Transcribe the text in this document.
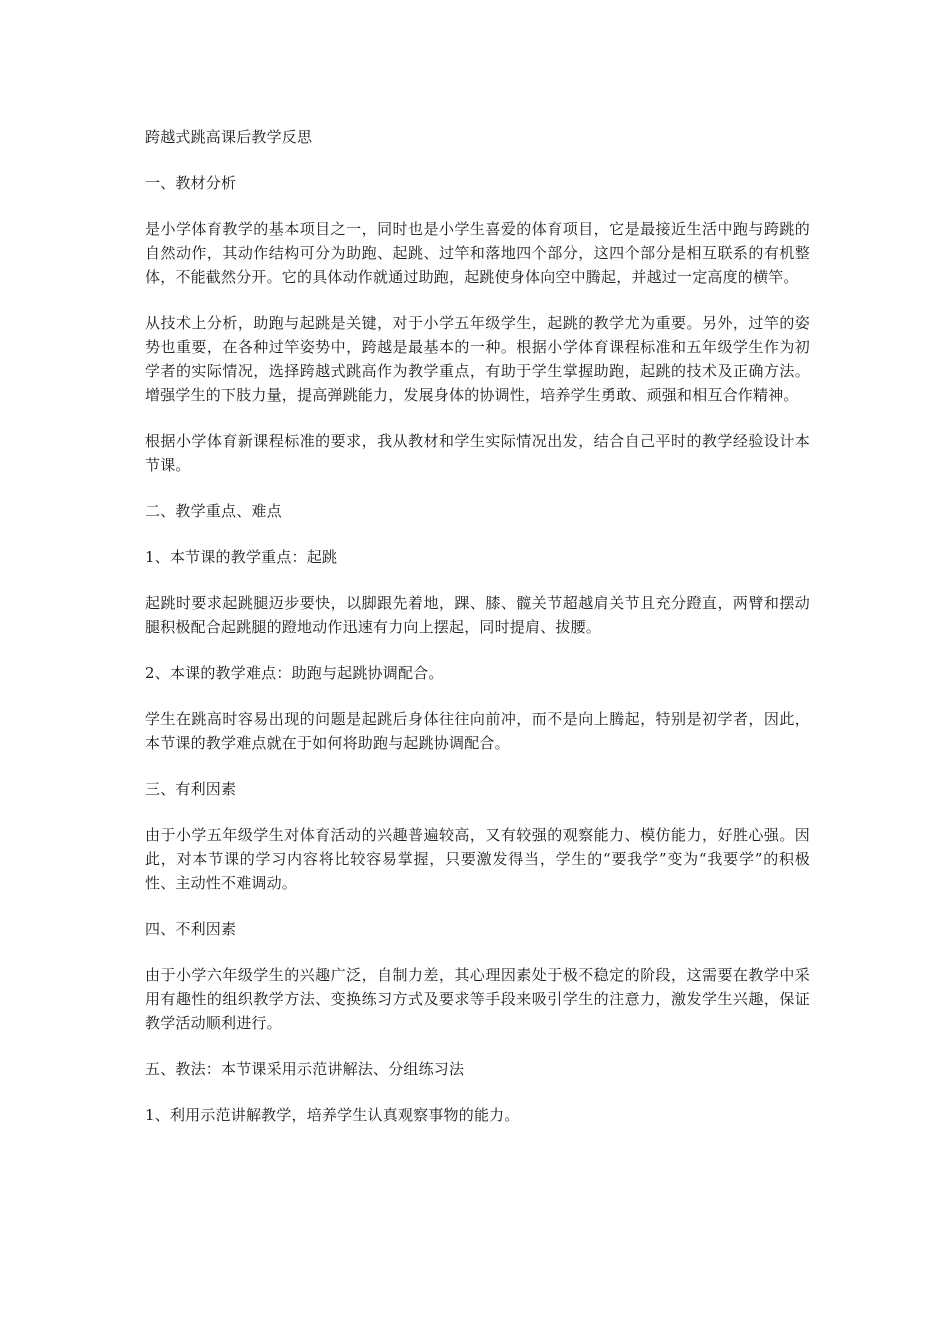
跨越式跳高课后教学反思

一、教材分析

是小学体育教学的基本项目之一，同时也是小学生喜爱的体育项目，它是最接近生活中跑与跨跳的自然动作，其动作结构可分为助跑、起跳、过竿和落地四个部分，这四个部分是相互联系的有机整体，不能截然分开。它的具体动作就通过助跑，起跳使身体向空中腾起，并越过一定高度的横竿。

从技术上分析，助跑与起跳是关键，对于小学五年级学生，起跳的教学尤为重要。另外，过竿的姿势也重要，在各种过竿姿势中，跨越是最基本的一种。根据小学体育课程标准和五年级学生作为初学者的实际情况，选择跨越式跳高作为教学重点，有助于学生掌握助跑，起跳的技术及正确方法。增强学生的下肢力量，提高弹跳能力，发展身体的协调性，培养学生勇敢、顽强和相互合作精神。

根据小学体育新课程标准的要求，我从教材和学生实际情况出发，结合自己平时的教学经验设计本节课。

二、教学重点、难点

1、本节课的教学重点：起跳

起跳时要求起跳腿迈步要快，以脚跟先着地，踝、膝、髋关节超越肩关节且充分蹬直，两臂和摆动腿积极配合起跳腿的蹬地动作迅速有力向上摆起，同时提肩、拔腰。

2、本课的教学难点：助跑与起跳协调配合。

学生在跳高时容易出现的问题是起跳后身体往往向前冲，而不是向上腾起，特别是初学者，因此，本节课的教学难点就在于如何将助跑与起跳协调配合。

三、有利因素

由于小学五年级学生对体育活动的兴趣普遍较高，又有较强的观察能力、模仿能力，好胜心强。因此，对本节课的学习内容将比较容易掌握，只要激发得当，学生的“要我学”变为“我要学”的积极性、主动性不难调动。

四、不利因素

由于小学六年级学生的兴趣广泛，自制力差，其心理因素处于极不稳定的阶段，这需要在教学中采用有趣性的组织教学方法、变换练习方式及要求等手段来吸引学生的注意力，激发学生兴趣，保证教学活动顺利进行。

五、教法：本节课采用示范讲解法、分组练习法

1、利用示范讲解教学，培养学生认真观察事物的能力。
